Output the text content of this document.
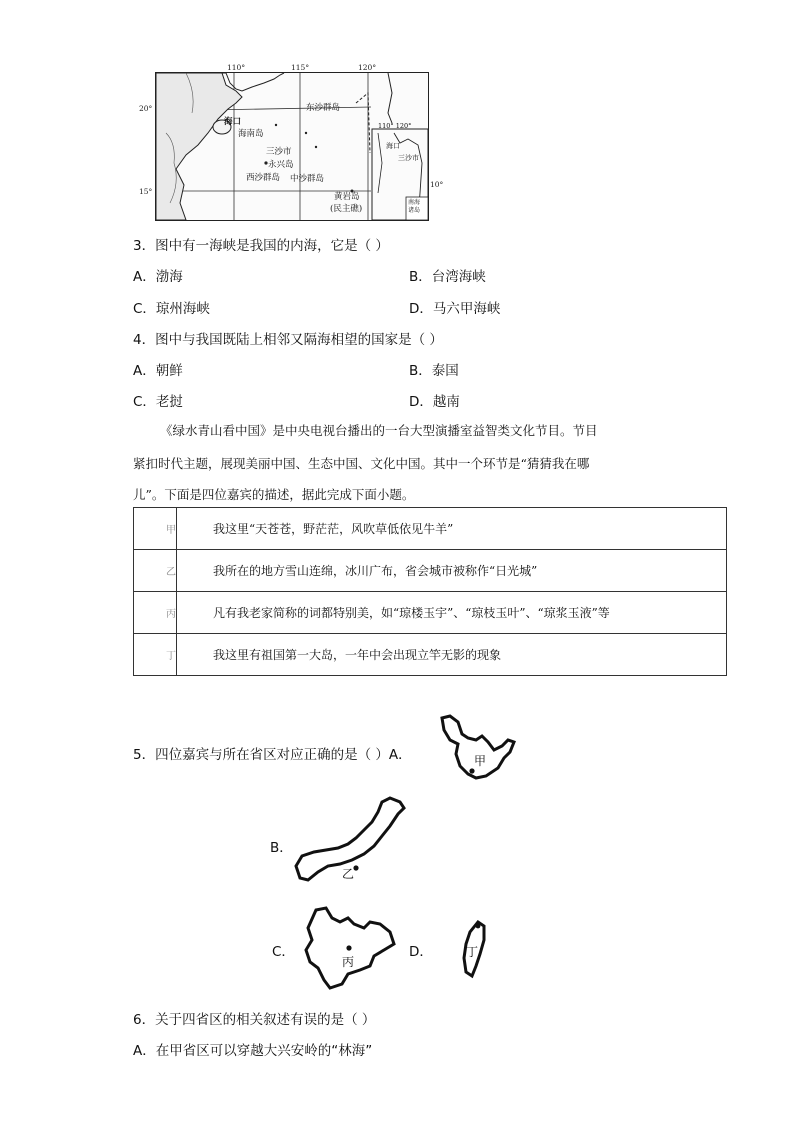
110°	115°	120°
20°
15°
海口
海南岛
东沙群岛
三沙市
永兴岛
西沙群岛 中沙群岛
黄岩岛
(民主礁)
110° 120°
海口
三沙市
南海
诸岛
10°
3．图中有一海峡是我国的内海，它是（ ）
A．渤海	B．台湾海峡
C．琼州海峡	D．马六甲海峡
4．图中与我国既陆上相邻又隔海相望的国家是（ ）
A．朝鲜	B．泰国
C．老挝	D．越南
《绿水青山看中国》是中央电视台播出的一台大型演播室益智类文化节目。节目
紧扣时代主题，展现美丽中国、生态中国、文化中国。其中一个环节是“猜猜我在哪
儿”。下面是四位嘉宾的描述，据此完成下面小题。
甲	我这里“天苍苍，野茫茫，风吹草低依见牛羊”
乙	我所在的地方雪山连绵，冰川广布，省会城市被称作“日光城”
丙	凡有我老家简称的词都特别美，如“琼楼玉宇”、“琼枝玉叶”、“琼浆玉液”等
丁	我这里有祖国第一大岛，一年中会出现立竿无影的现象
5．四位嘉宾与所在省区对应正确的是（ ）A．	甲
B．
乙
C．
丙
D．	丁
6．关于四省区的相关叙述有误的是（ ）
A．在甲省区可以穿越大兴安岭的“林海”
